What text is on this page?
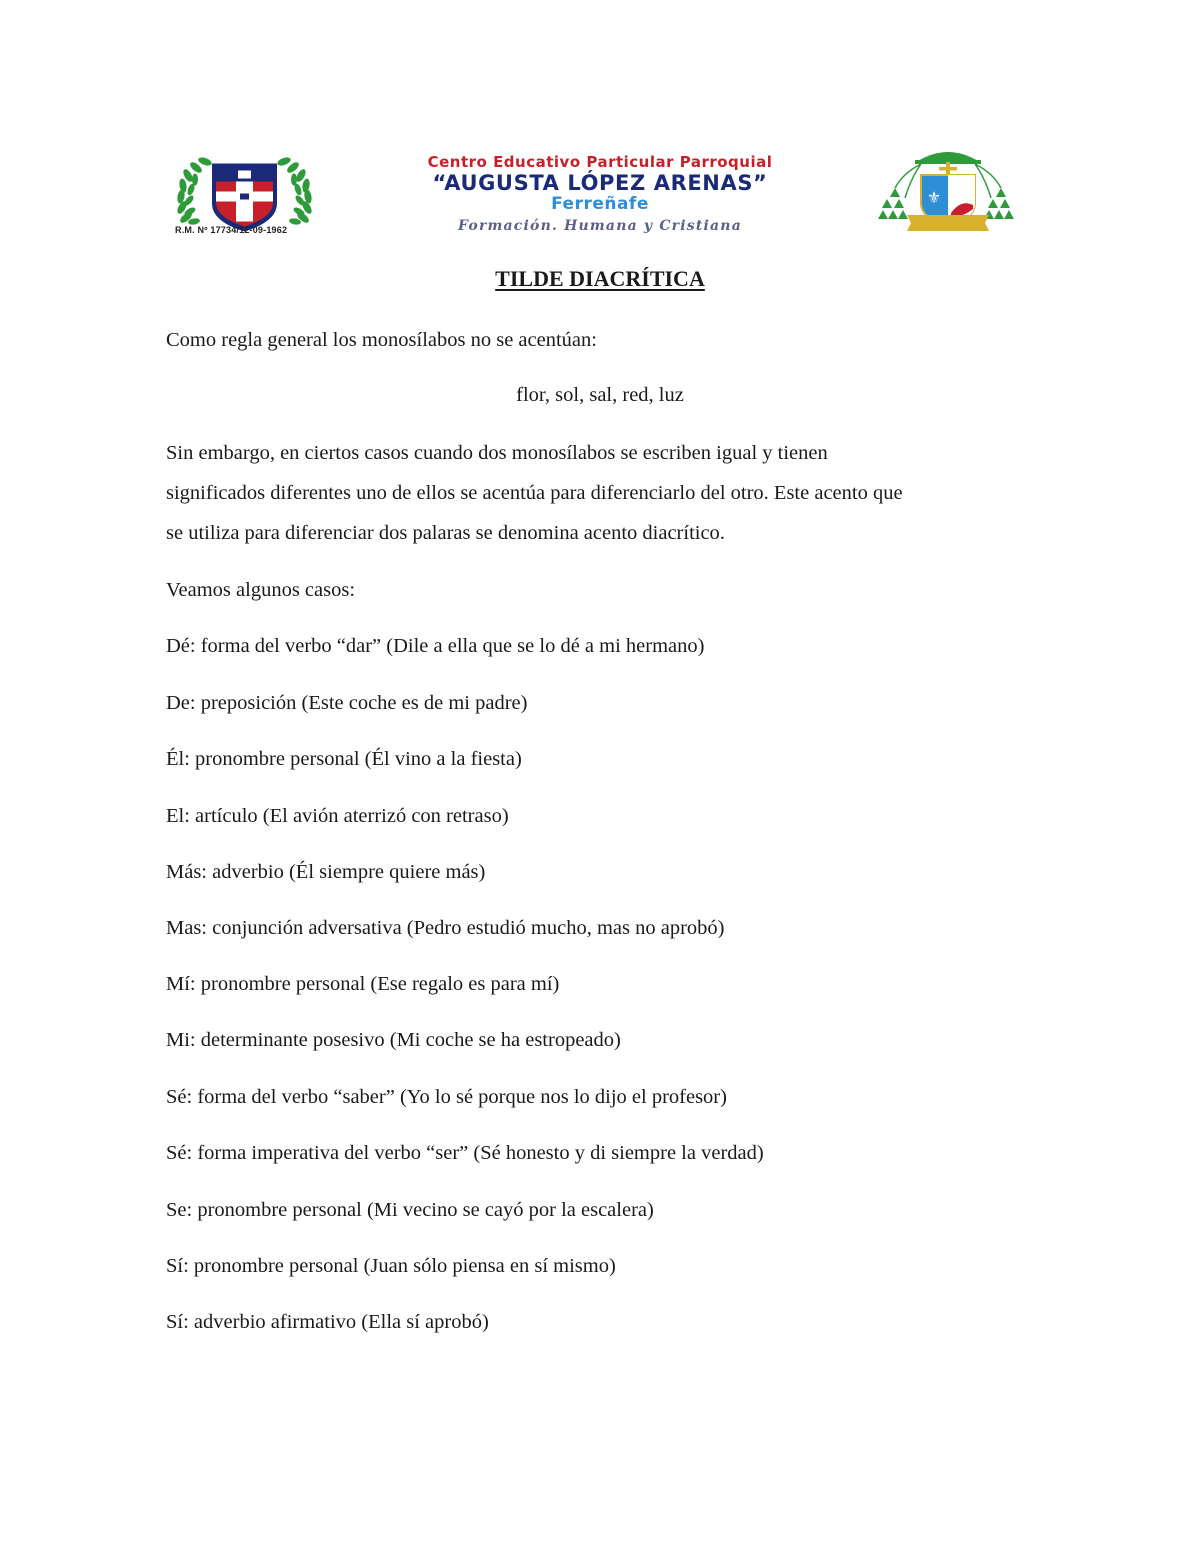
R.M. Nº 17734/12-09-1962
Centro Educativo Particular Parroquial
“AUGUSTA LÓPEZ ARENAS”
Ferreñafe
Formación. Humana y Cristiana
⚜
TILDE DIACRÍTICA
Como regla general los monosílabos no se acentúan:
flor, sol, sal, red, luz
Sin embargo, en ciertos casos cuando dos monosílabos se escriben igual y tienen
significados diferentes uno de ellos se acentúa para diferenciarlo del otro. Este acento que
se utiliza para diferenciar dos palaras se denomina acento diacrítico.
Veamos algunos casos:
Dé: forma del verbo “dar” (Dile a ella que se lo dé a mi hermano)
De: preposición (Este coche es de mi padre)
Él: pronombre personal (Él vino a la fiesta)
El: artículo (El avión aterrizó con retraso)
Más: adverbio (Él siempre quiere más)
Mas: conjunción adversativa (Pedro estudió mucho, mas no aprobó)
Mí: pronombre personal (Ese regalo es para mí)
Mi: determinante posesivo (Mi coche se ha estropeado)
Sé: forma del verbo “saber” (Yo lo sé porque nos lo dijo el profesor)
Sé: forma imperativa del verbo “ser” (Sé honesto y di siempre la verdad)
Se: pronombre personal (Mi vecino se cayó por la escalera)
Sí: pronombre personal (Juan sólo piensa en sí mismo)
Sí: adverbio afirmativo (Ella sí aprobó)
